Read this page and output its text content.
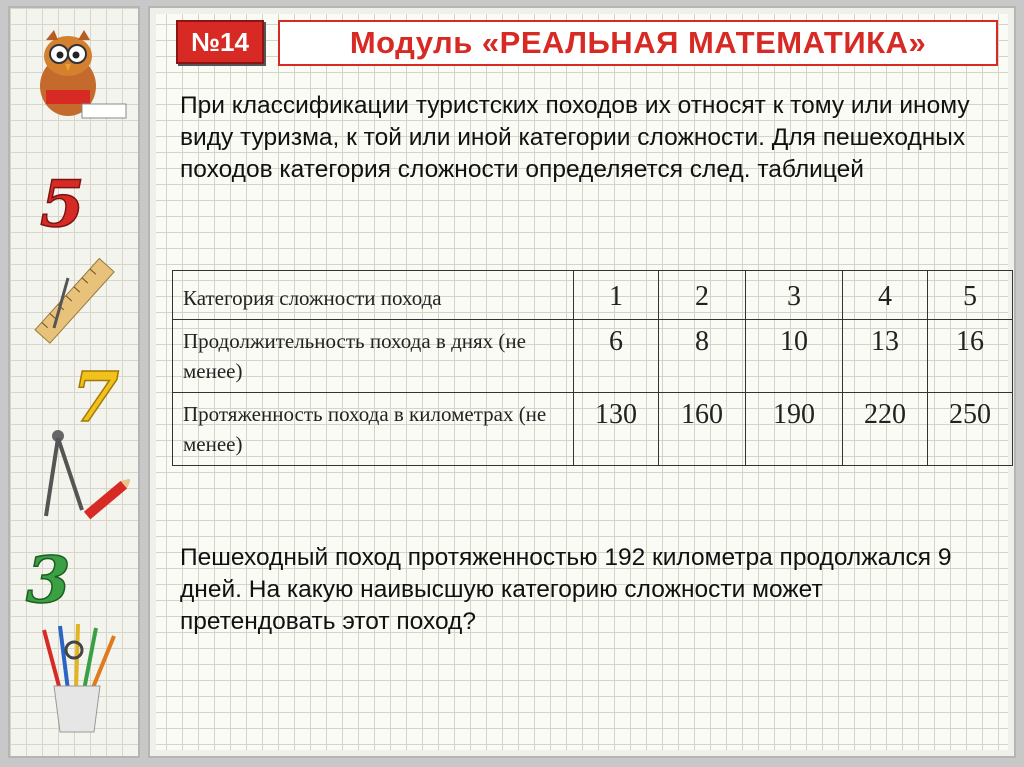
5
7
3
№14	Модуль «РЕАЛЬНАЯ МАТЕМАТИКА»

При классификации туристских походов их относят к тому или иному виду туризма, к той или иной категории сложности. Для пешеходных походов категория сложности определяется след. таблицей

Категория сложности похода	1	2	3	4	5
Продолжительность похода в днях (не менее)	6	8	10	13	16
Протяженность похода в километрах (не менее)	130	160	190	220	250

Пешеходный поход протяженностью 192 километра продолжался 9 дней. На какую наивысшую категорию сложности может претендовать этот поход?
